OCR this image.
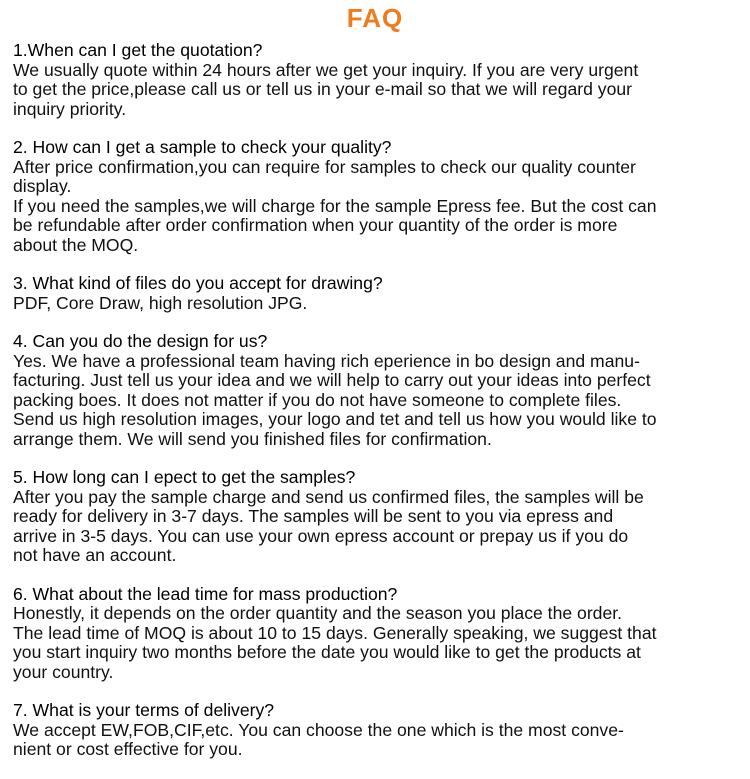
FAQ
1.When can I get the quotation?
We usually quote within 24 hours after we get your inquiry. If you are very urgent
to get the price,please call us or tell us in your e-mail so that we will regard your
inquiry priority.
2. How can I get a sample to check your quality?
After price confirmation,you can require for samples to check our quality counter
display.
If you need the samples,we will charge for the sample Epress fee. But the cost can
be refundable after order confirmation when your quantity of the order is more
about the MOQ.
3. What kind of files do you accept for drawing?
PDF, Core Draw, high resolution JPG.
4. Can you do the design for us?
Yes. We have a professional team having rich eperience in bo design and manu-
facturing. Just tell us your idea and we will help to carry out your ideas into perfect
packing boes. It does not matter if you do not have someone to complete files.
Send us high resolution images, your logo and tet and tell us how you would like to
arrange them. We will send you finished files for confirmation.
5. How long can I epect to get the samples?
After you pay the sample charge and send us confirmed files, the samples will be
ready for delivery in 3-7 days. The samples will be sent to you via epress and
arrive in 3-5 days. You can use your own epress account or prepay us if you do
not have an account.
6. What about the lead time for mass production?
Honestly, it depends on the order quantity and the season you place the order.
The lead time of MOQ is about 10 to 15 days. Generally speaking, we suggest that
you start inquiry two months before the date you would like to get the products at
your country.
7. What is your terms of delivery?
We accept EW,FOB,CIF,etc. You can choose the one which is the most conve-
nient or cost effective for you.
